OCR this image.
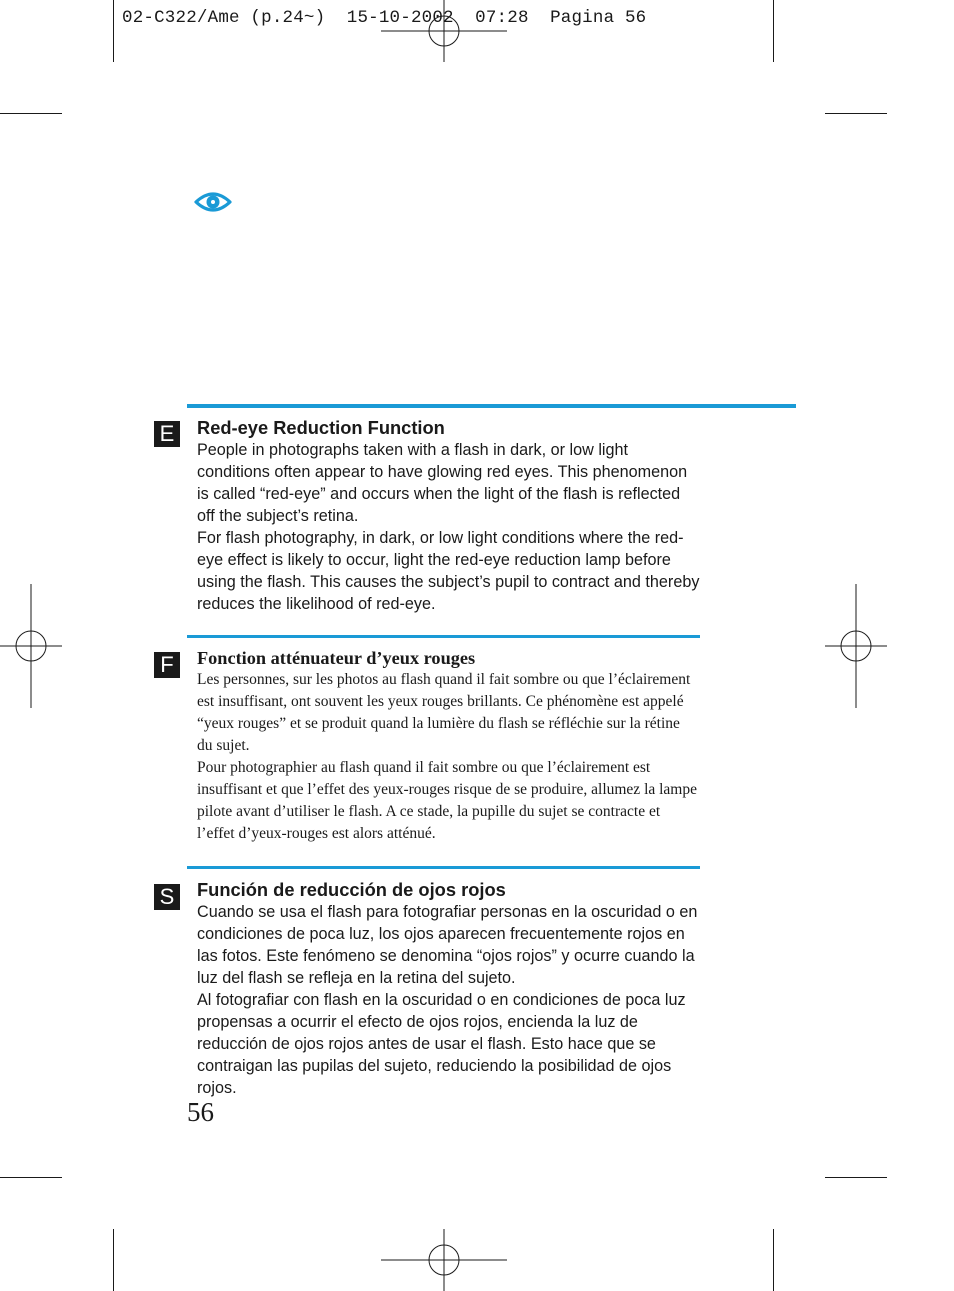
02-C322/Ame (p.24~)  15-10-2002  07:28  Pagina 56
E
F
S

Red-eye Reduction Function

People in photographs taken with a flash in dark, or low light conditions often appear to have glowing red eyes. This phenomenon is called “red-eye” and occurs when the light of the flash is reflected off the subject’s retina.

For flash photography, in dark, or low light conditions where the red-eye effect is likely to occur, light the red-eye reduction lamp before using the flash. This causes the subject’s pupil to contract and thereby reduces the likelihood of red-eye.

Fonction atténuateur d’yeux rouges

Les personnes, sur les photos au flash quand il fait sombre ou que l’éclairement est insuffisant, ont souvent les yeux rouges brillants. Ce phénomène est appelé “yeux rouges” et se produit quand la lumière du flash se réfléchie sur la rétine du sujet.

Pour photographier au flash quand il fait sombre ou que l’éclairement est insuffisant et que l’effet des yeux-rouges risque de se produire, allumez la lampe pilote avant d’utiliser le flash. A ce stade, la pupille du sujet se contracte et l’effet d’yeux-rouges est alors atténué.

Función de reducción de ojos rojos

Cuando se usa el flash para fotografiar personas en la oscuridad o en condiciones de poca luz, los ojos aparecen frecuentemente rojos en las fotos. Este fenómeno se denomina “ojos rojos” y ocurre cuando la luz del flash se refleja en la retina del sujeto.

Al fotografiar con flash en la oscuridad o en condiciones de poca luz propensas a ocurrir el efecto de ojos rojos, encienda la luz de reducción de ojos rojos antes de usar el flash. Esto hace que se contraigan las pupilas del sujeto, reduciendo la posibilidad de ojos rojos.

56
